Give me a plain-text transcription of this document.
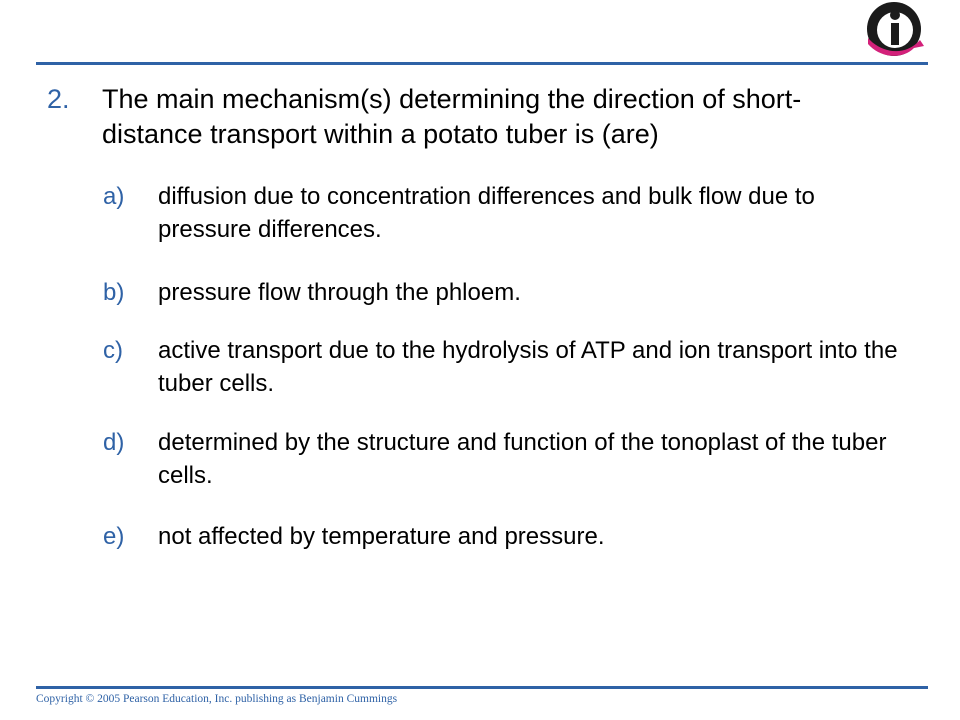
2. The main mechanism(s) determining the direction of short-distance transport within a potato tuber is (are)
a) diffusion due to concentration differences and bulk flow due to pressure differences.
b) pressure flow through the phloem.
c) active transport due to the hydrolysis of ATP and ion transport into the tuber cells.
d) determined by the structure and function of the tonoplast of the tuber cells.
e) not affected by temperature and pressure.
Copyright © 2005 Pearson Education, Inc. publishing as Benjamin Cummings
